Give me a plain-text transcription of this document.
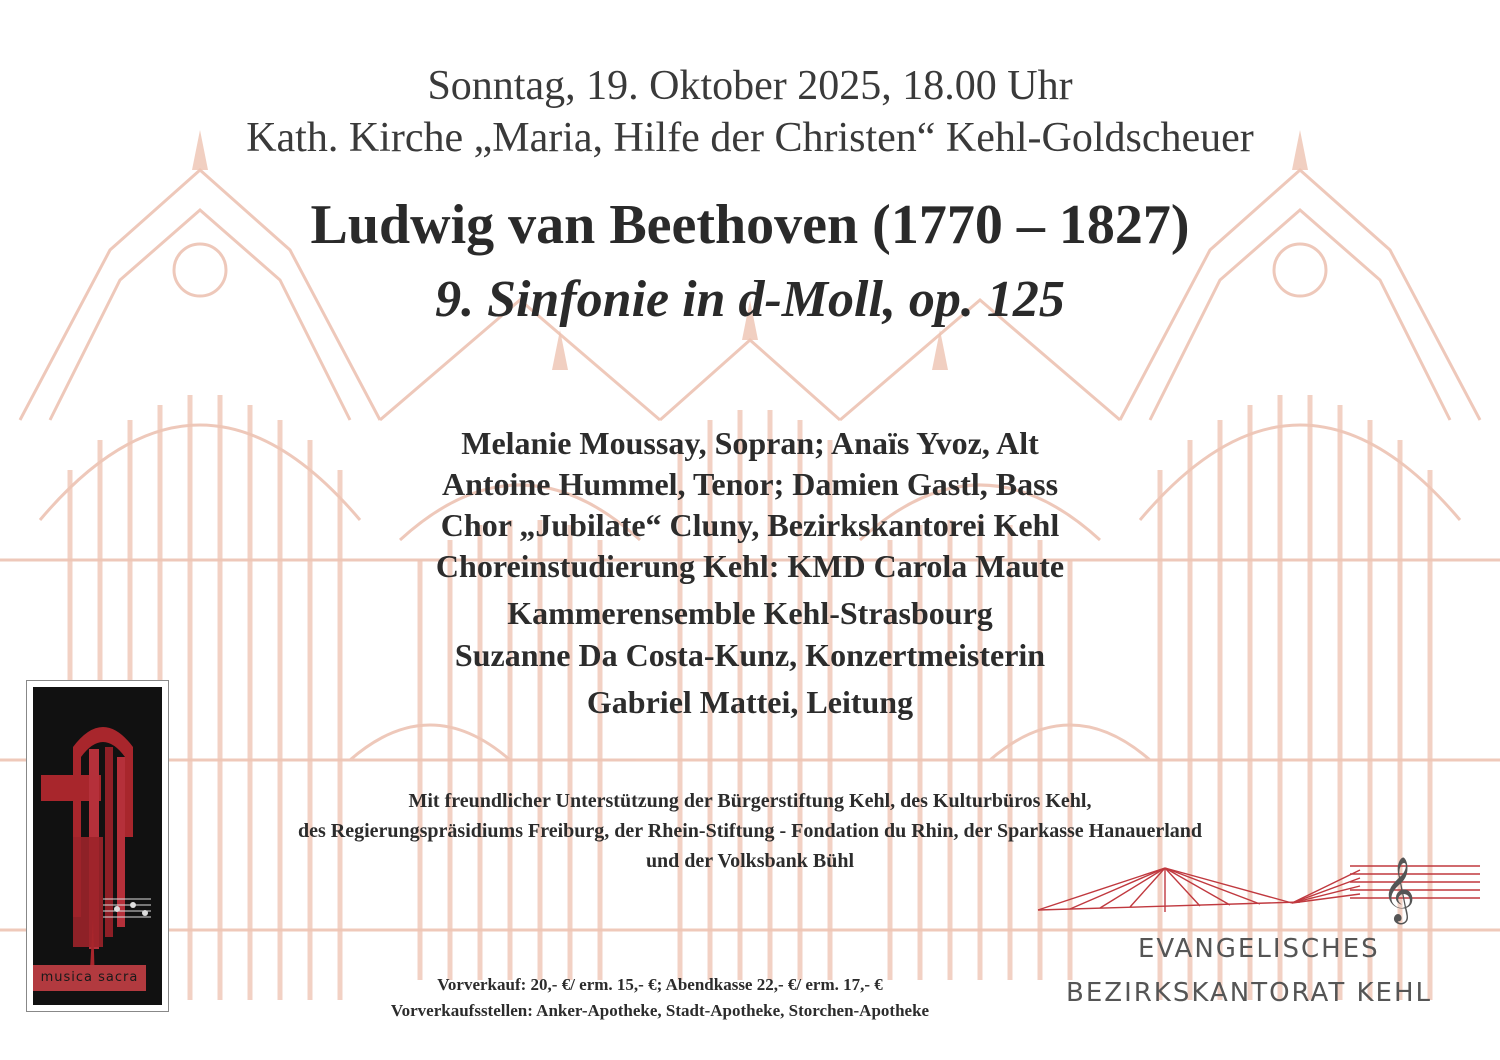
Sonntag, 19. Oktober 2025, 18.00 Uhr
Kath. Kirche „Maria, Hilfe der Christen“ Kehl-Goldscheuer
Ludwig van Beethoven (1770 – 1827)
9. Sinfonie in d-Moll, op. 125
Melanie Moussay, Sopran; Anaïs Yvoz, Alt
Antoine Hummel, Tenor; Damien Gastl, Bass
Chor „Jubilate“ Cluny, Bezirkskantorei Kehl
Choreinstudierung Kehl: KMD Carola Maute
Kammerensemble Kehl-Strasbourg
Suzanne Da Costa-Kunz, Konzertmeisterin
Gabriel Mattei, Leitung
Mit freundlicher Unterstützung der Bürgerstiftung Kehl, des Kulturbüros Kehl,
des Regierungspräsidiums Freiburg, der Rhein-Stiftung - Fondation du Rhin, der Sparkasse Hanauerland
und der Volksbank Bühl
Vorverkauf: 20,- €/ erm. 15,- €; Abendkasse 22,- €/ erm. 17,- €
Vorverkaufsstellen: Anker-Apotheke, Stadt-Apotheke, Storchen-Apotheke
musica sacra
𝄞
EVANGELISCHES
BEZIRKSKANTORAT KEHL
